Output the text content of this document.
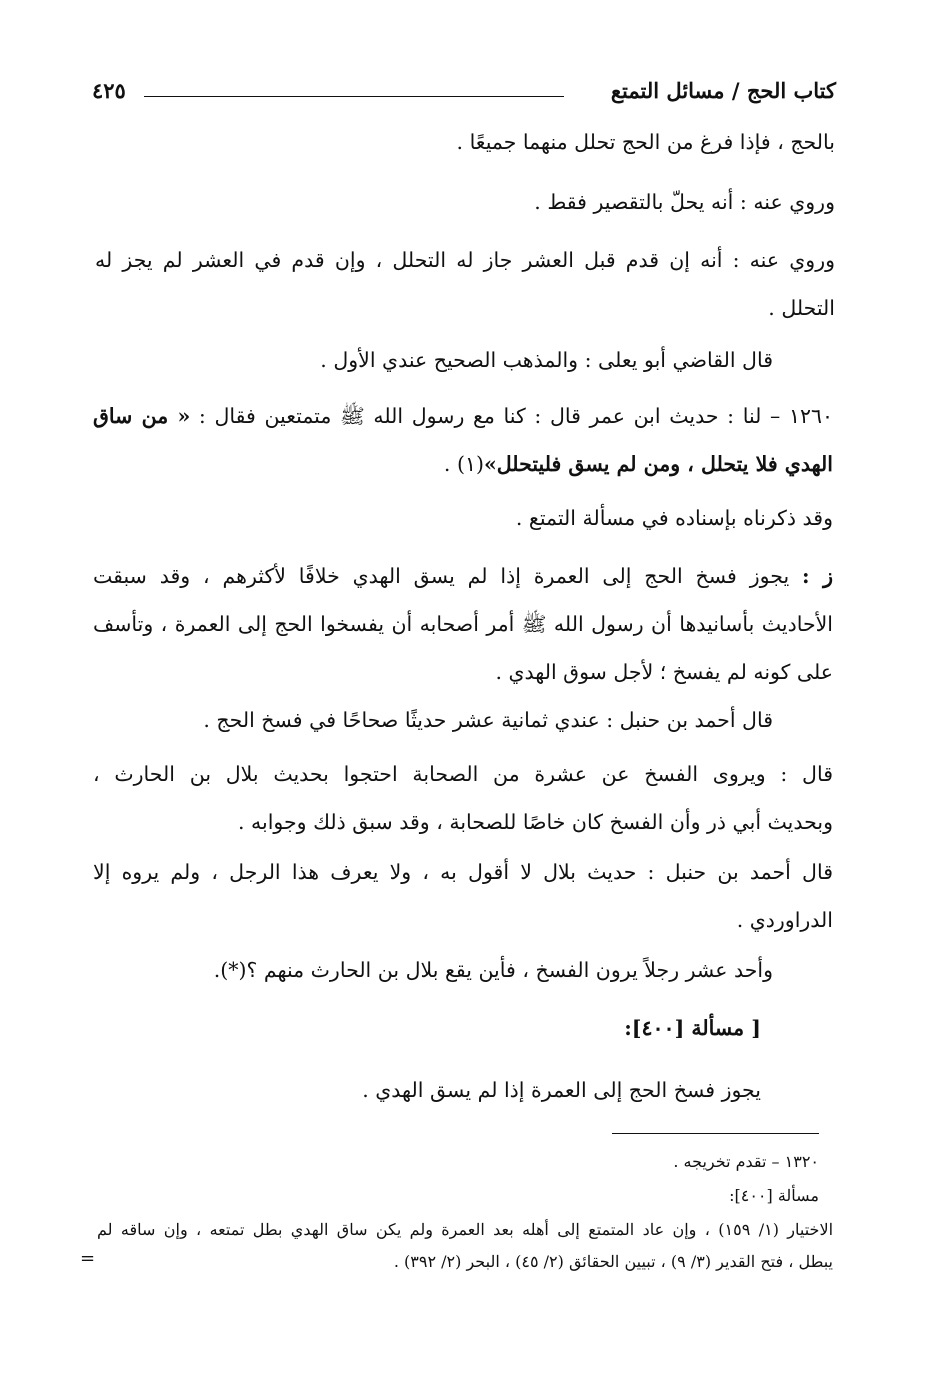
كتاب الحج / مسائل التمتع
٤٢٥
بالحج ، فإذا فرغ من الحج تحلل منهما جميعًا .
وروي عنه : أنه يحلّ بالتقصير فقط .
وروي عنه : أنه إن قدم قبل العشر جاز له التحلل ، وإن قدم في العشر لم يجز له
التحلل .
قال القاضي أبو يعلى : والمذهب الصحيح عندي الأول .
١٢٦٠ – لنا : حديث ابن عمر قال : كنا مع رسول الله ﷺ متمتعين فقال : « من ساق
الهدي فلا يتحلل ، ومن لم يسق فليتحلل»(١) .
وقد ذكرناه بإسناده في مسألة التمتع .
ز : يجوز فسخ الحج إلى العمرة إذا لم يسق الهدي خلافًا لأكثرهم ، وقد سبقت
الأحاديث بأسانيدها أن رسول الله ﷺ أمر أصحابه أن يفسخوا الحج إلى العمرة ، وتأسف
على كونه لم يفسخ ؛ لأجل سوق الهدي .
قال أحمد بن حنبل : عندي ثمانية عشر حديثًا صحاحًا في فسخ الحج .
قال : ويروى الفسخ عن عشرة من الصحابة احتجوا بحديث بلال بن الحارث ،
وبحديث أبي ذر وأن الفسخ كان خاصًا للصحابة ، وقد سبق ذلك وجوابه .
قال أحمد بن حنبل : حديث بلال لا أقول به ، ولا يعرف هذا الرجل ، ولم يروه إلا
الدراوردي .
وأحد عشر رجلاً يرون الفسخ ، فأين يقع بلال بن الحارث منهم ؟(*).
[ مسألة [٤٠٠]:
يجوز فسخ الحج إلى العمرة إذا لم يسق الهدي .
١٣٢٠ – تقدم تخريجه .
مسألة [٤٠٠]:
الاختيار (١/ ١٥٩) ، وإن عاد المتمتع إلى أهله بعد العمرة ولم يكن ساق الهدي بطل تمتعه ، وإن ساقه لم
يبطل ، فتح القدير (٣/ ٩) ، تبيين الحقائق (٢/ ٤٥) ، البحر (٢/ ٣٩٢) .
=
